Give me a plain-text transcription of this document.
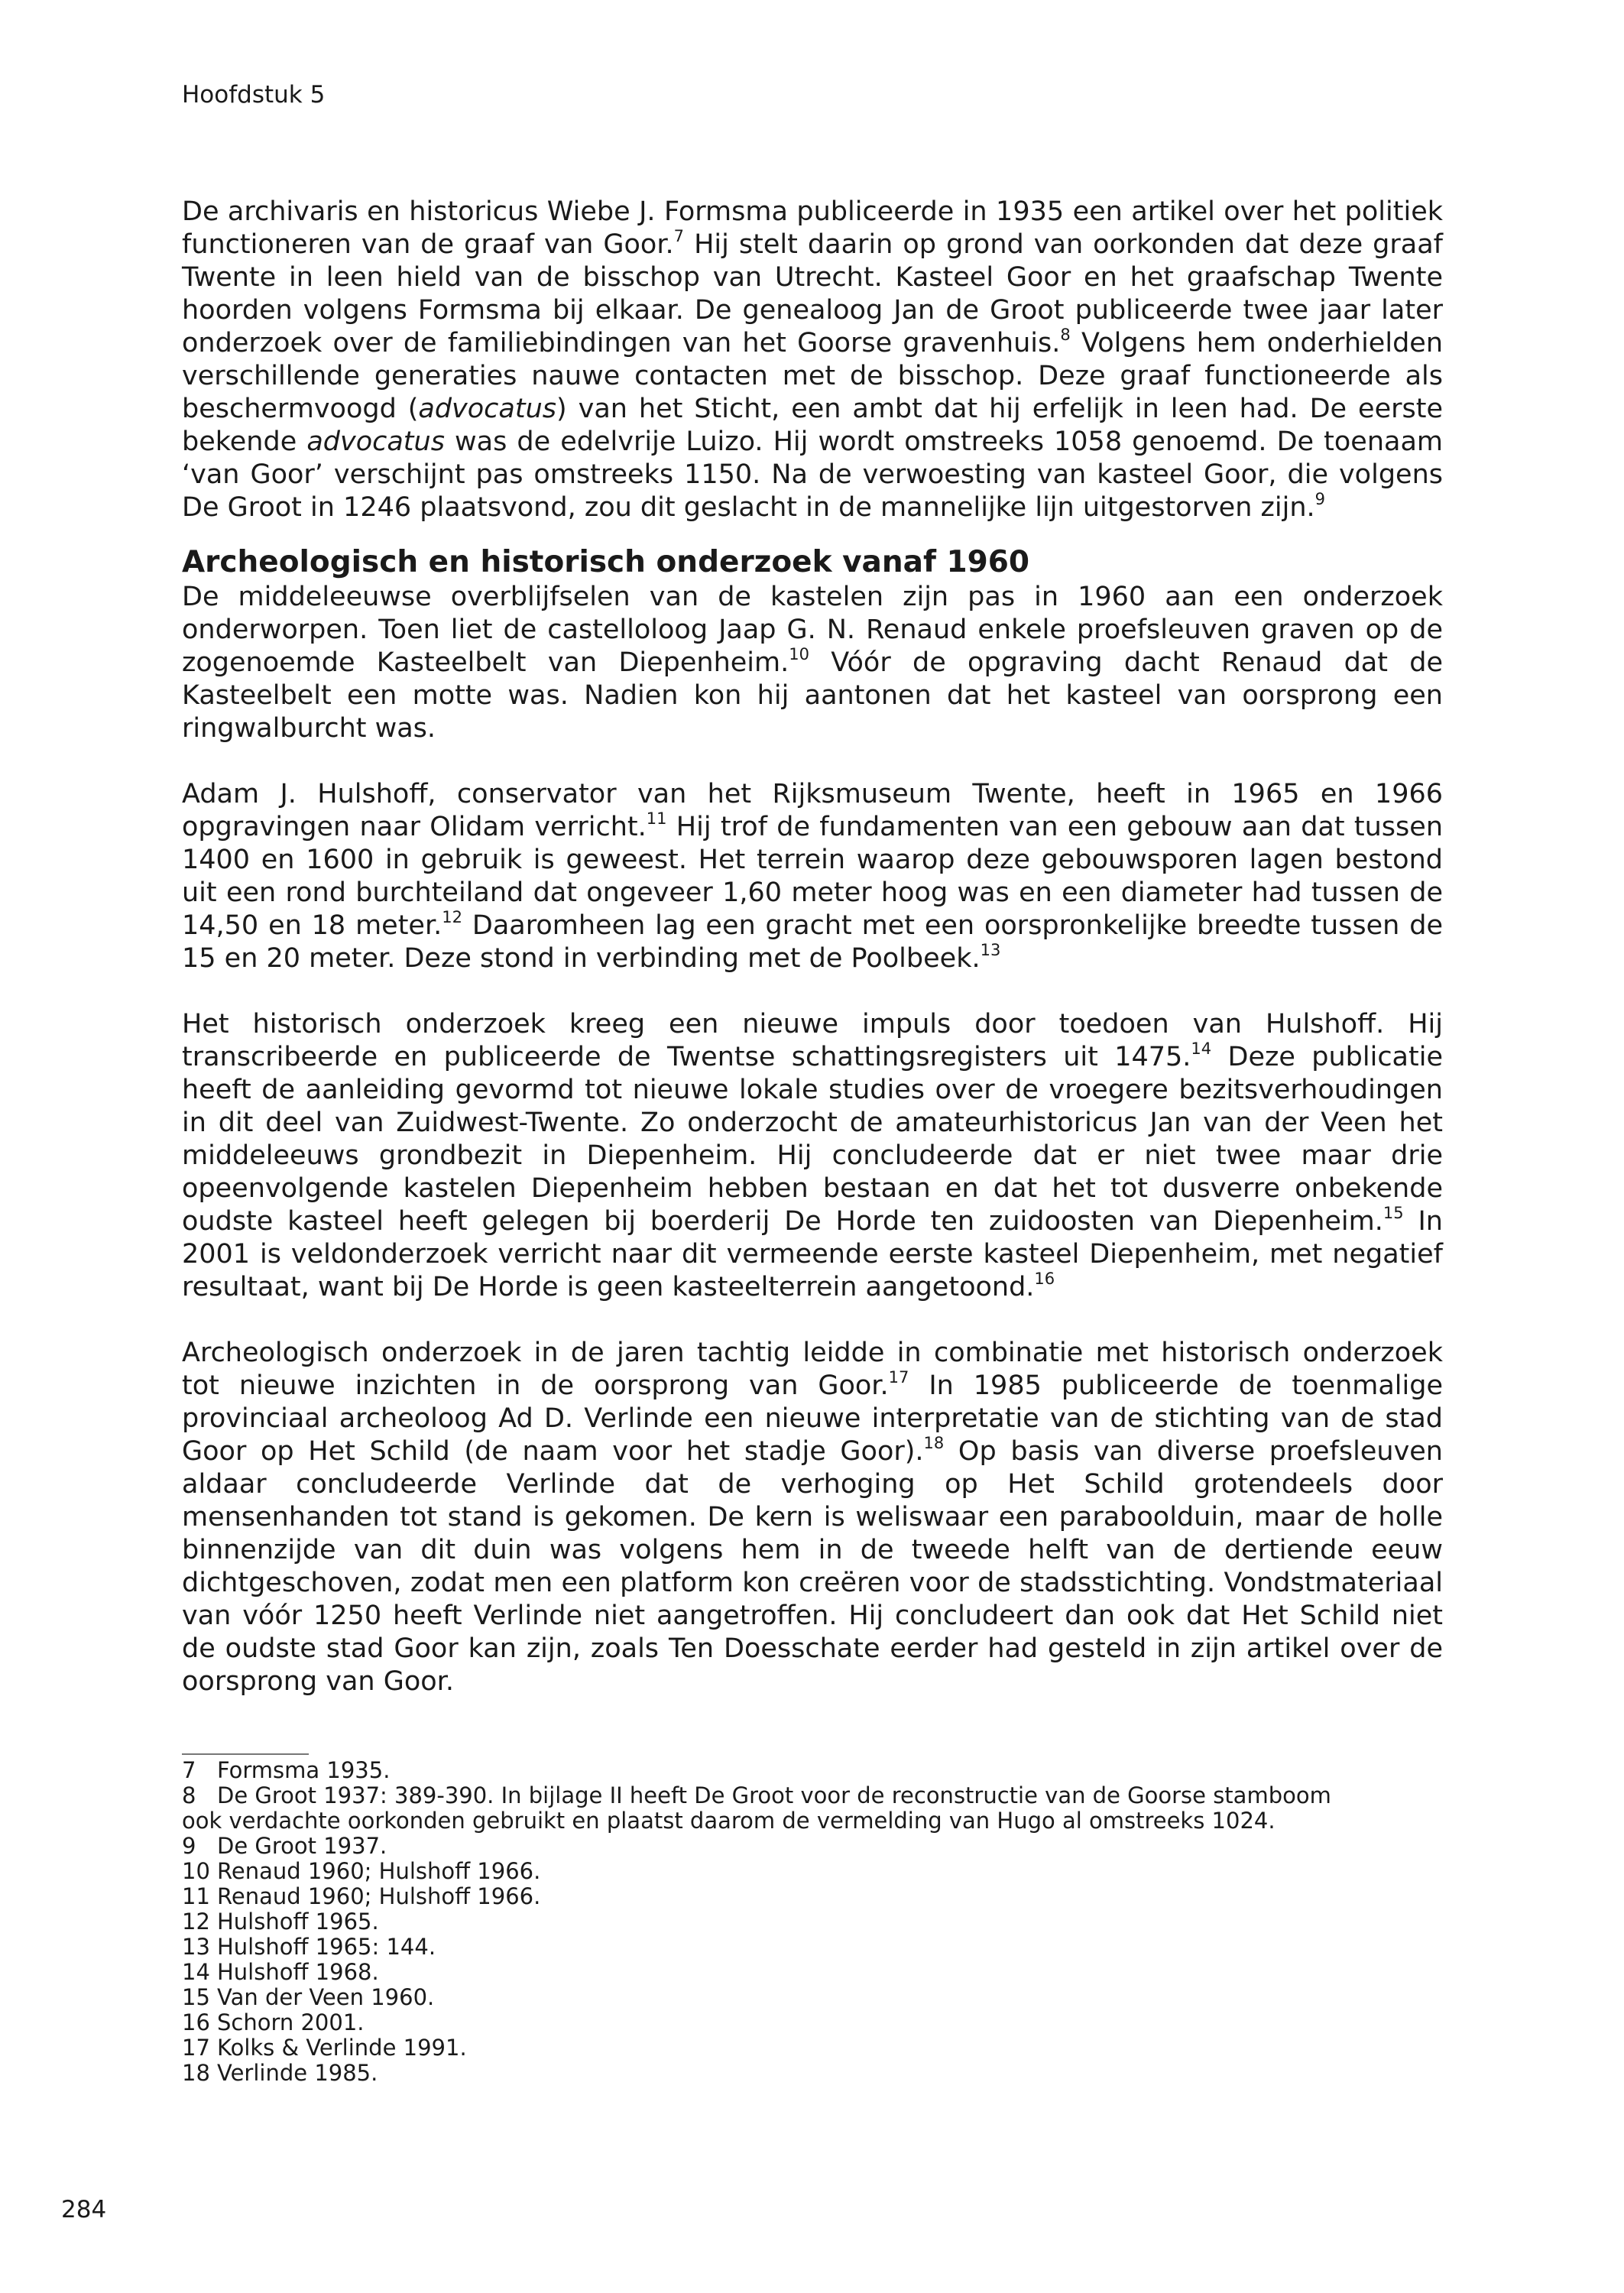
Hoofdstuk 5

De archivaris en historicus Wiebe J. Formsma publiceerde in 1935 een artikel over het politiek functioneren van de graaf van Goor.$^7$ Hij stelt daarin op grond van oorkonden dat deze graaf Twente in leen hield van de bisschop van Utrecht. Kasteel Goor en het graafschap Twente hoorden volgens Formsma bij elkaar. De genealoog Jan de Groot publiceerde twee jaar later onderzoek over de familiebindingen van het Goorse gravenhuis.$^8$ Volgens hem onderhielden verschillende generaties nauwe contacten met de bisschop. Deze graaf functioneerde als beschermvoogd (advocatus) van het Sticht, een ambt dat hij erfelijk in leen had. De eerste bekende advocatus was de edelvrije Luizo. Hij wordt omstreeks 1058 genoemd. De toenaam ‘van Goor’ verschijnt pas omstreeks 1150. Na de verwoesting van kasteel Goor, die volgens De Groot in 1246 plaatsvond, zou dit geslacht in de mannelijke lijn uitgestorven zijn.$^9$

Archeologisch en historisch onderzoek vanaf 1960

De middeleeuwse overblijfselen van de kastelen zijn pas in 1960 aan een onderzoek onderworpen. Toen liet de castelloloog Jaap G. N. Renaud enkele proefsleuven graven op de zogenoemde Kasteelbelt van Diepenheim.$^{10}$ Vóór de opgraving dacht Renaud dat de Kasteelbelt een motte was. Nadien kon hij aantonen dat het kasteel van oorsprong een ringwalburcht was.

Adam J. Hulshoff, conservator van het Rijksmuseum Twente, heeft in 1965 en 1966 opgravingen naar Olidam verricht.$^{11}$ Hij trof de fundamenten van een gebouw aan dat tussen 1400 en 1600 in gebruik is geweest. Het terrein waarop deze gebouwsporen lagen bestond uit een rond burchteiland dat ongeveer 1,60 meter hoog was en een diameter had tussen de 14,50 en 18 meter.$^{12}$ Daaromheen lag een gracht met een oorspronkelijke breedte tussen de 15 en 20 meter. Deze stond in verbinding met de Poolbeek.$^{13}$

Het historisch onderzoek kreeg een nieuwe impuls door toedoen van Hulshoff. Hij transcribeerde en publiceerde de Twentse schattingsregisters uit 1475.14 Deze publicatie heeft de aanleiding gevormd tot nieuwe lokale studies over de vroegere bezitsverhoudingen in dit deel van Zuidwest-Twente. Zo onderzocht de amateurhistoricus Jan van der Veen het middeleeuws grondbezit in Diepenheim. Hij concludeerde dat er niet twee maar drie opeenvolgende kastelen Diepenheim hebben bestaan en dat het tot dusverre onbekende oudste kasteel heeft gelegen bij boerderij De Horde ten zuidoosten van Diepenheim.$^{15}$ In 2001 is veldonderzoek verricht naar dit vermeende eerste kasteel Diepenheim, met negatief resultaat, want bij De Horde is geen kasteelterrein aangetoond.$^{16}$

Archeologisch onderzoek in de jaren tachtig leidde in combinatie met historisch onderzoek tot nieuwe inzichten in de oorsprong van Goor.$^{17}$ In 1985 publiceerde de toenmalige provinciaal archeoloog Ad D. Verlinde een nieuwe interpretatie van de stichting van de stad Goor op Het Schild (de naam voor het stadje Goor).$^{18}$ Op basis van diverse proefsleuven aldaar concludeerde Verlinde dat de verhoging op Het Schild grotendeels door mensenhanden tot stand is gekomen. De kern is weliswaar een paraboolduin, maar de holle binnenzijde van dit duin was volgens hem in de tweede helft van de dertiende eeuw dichtgeschoven, zodat men een platform kon creëren voor de stadsstichting. Vondstmateriaal van vóór 1250 heeft Verlinde niet aangetroffen. Hij concludeert dan ook dat Het Schild niet de oudste stad Goor kan zijn, zoals Ten Doesschate eerder had gesteld in zijn artikel over de oorsprong van Goor.

7 Formsma 1935.
8 De Groot 1937: 389-390. In bijlage II heeft De Groot voor de reconstructie van de Goorse stamboom
ook verdachte oorkonden gebruikt en plaatst daarom de vermelding van Hugo al omstreeks 1024.
9 De Groot 1937.
10 Renaud 1960; Hulshoff 1966.
11 Renaud 1960; Hulshoff 1966.
12 Hulshoff 1965.
13 Hulshoff 1965: 144.
14 Hulshoff 1968.
15 Van der Veen 1960.
16 Schorn 2001.
17 Kolks & Verlinde 1991.
18 Verlinde 1985.
284
